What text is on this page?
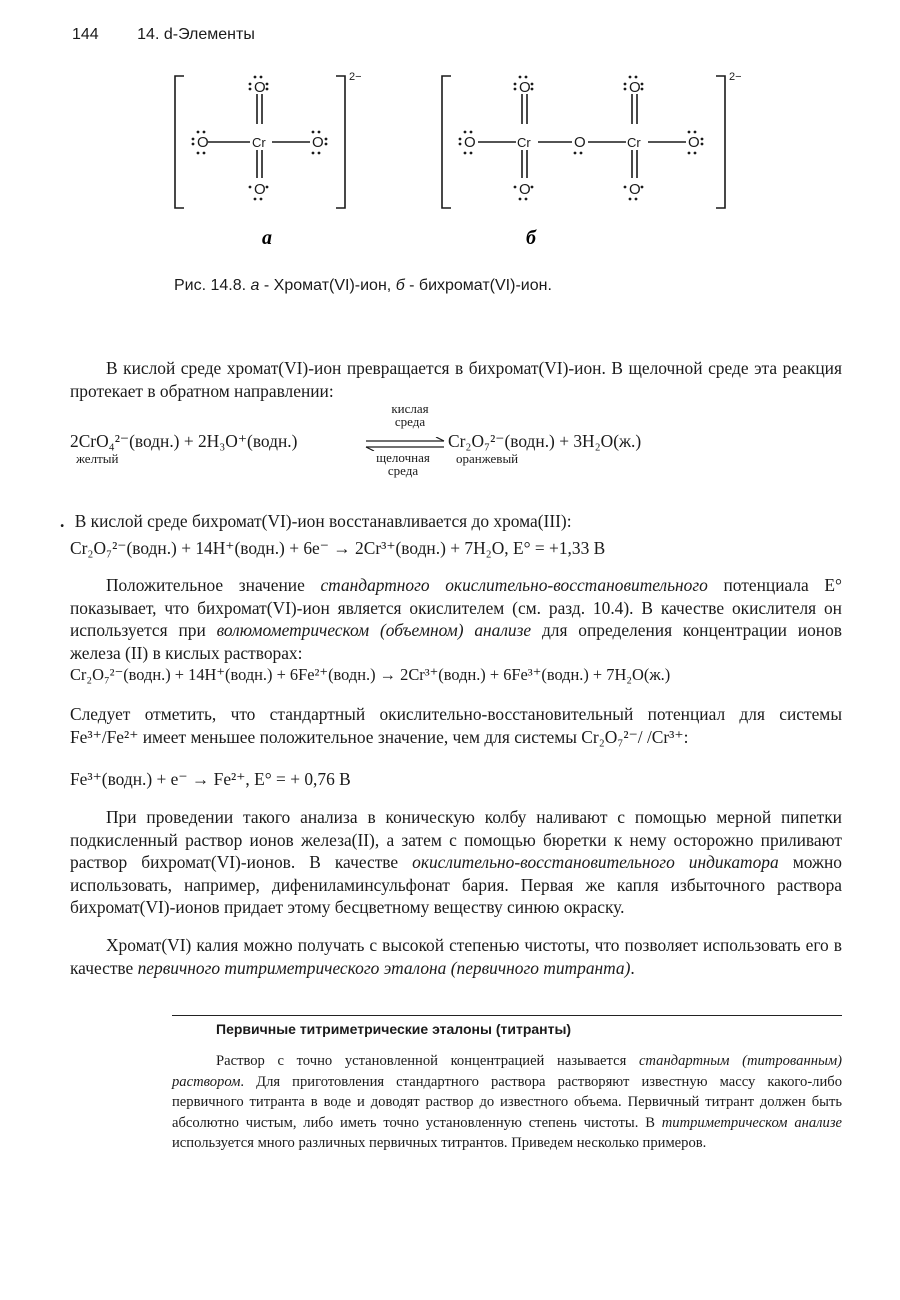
144 14. d-Элементы
2−	2−
O
O	Cr	O
O
O	Cr	O	Cr	O
O	O
O	O
a	б
Рис. 14.8. а - Хромат(VI)-ион, б - бихромат(VI)-ион.
В кислой среде хромат(VI)-ион превращается в бихромат(VI)-ион. В щелочной среде эта реакция протекает в обратном направлении:
кислая
среда
2CrO₄²⁻(водн.) + 2H₃O⁺(водн.)	Cr₂O₇²⁻(водн.) + 3H₂O(ж.)
желтый	щелочная
среда
оранжевый
. В кислой среде бихромат(VI)-ион восстанавливается до хрома(III):
Cr₂O₇²⁻(водн.) + 14H⁺(водн.) + 6e⁻ → 2Cr³⁺(водн.) + 7H₂O, E° = +1,33 В
Положительное значение стандартного окислительно-восстановительного потенциала E° показывает, что бихромат(VI)-ион является окислителем (см. разд. 10.4). В качестве окислителя он используется при волюмометрическом (объемном) анализе для определения концентрации ионов железа (II) в кислых растворах:
Cr₂O₇²⁻(водн.) + 14H⁺(водн.) + 6Fe²⁺(водн.) → 2Cr³⁺(водн.) + 6Fe³⁺(водн.) + 7H₂O(ж.)
Следует отметить, что стандартный окислительно-восстановительный потенциал для системы Fe³⁺/Fe²⁺ имеет меньшее положительное значение, чем для системы Cr₂O₇²⁻/ /Cr³⁺:
Fe³⁺(водн.) + e⁻ → Fe²⁺, E° = + 0,76 В
При проведении такого анализа в коническую колбу наливают с помощью мерной пипетки подкисленный раствор ионов железа(II), а затем с помощью бюретки к нему осторожно приливают раствор бихромат(VI)-ионов. В качестве окислительно-восстановительного индикатора можно использовать, например, дифениламинсульфонат бария. Первая же капля избыточного раствора бихромат(VI)-ионов придает этому бесцветному веществу синюю окраску.
Хромат(VI) калия можно получать с высокой степенью чистоты, что позволяет использовать его в качестве первичного титриметрического эталона (первичного титранта).
Первичные титриметрические эталоны (титранты)
Раствор с точно установленной концентрацией называется стандартным (титрованным) раствором. Для приготовления стандартного раствора растворяют известную массу какого-либо первичного титранта в воде и доводят раствор до известного объема. Первичный титрант должен быть абсолютно чистым, либо иметь точно установленную степень чистоты. В титриметрическом анализе используется много различных первичных титрантов. Приведем несколько примеров.
